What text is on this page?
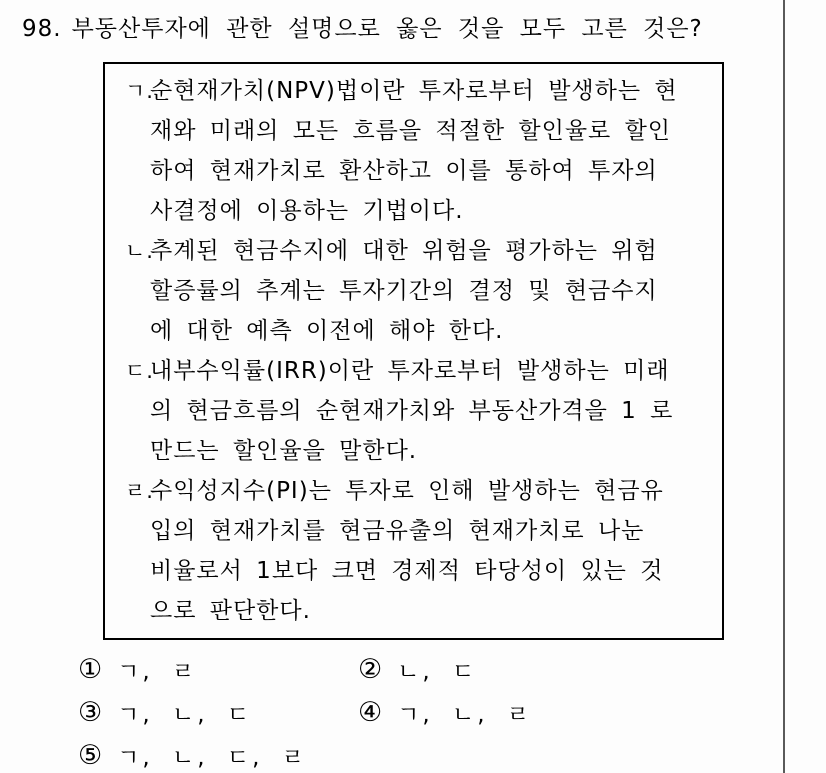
98. 부동산투자에 관한 설명으로 옳은 것을 모두 고른 것은?
ㄱ.
순현재가치(NPV)법이란 투자로부터 발생하는 현
재와 미래의 모든 흐름을 적절한 할인율로 할인
하여 현재가치로 환산하고 이를 통하여 투자의
사결정에 이용하는 기법이다.
ㄴ.
추계된 현금수지에 대한 위험을 평가하는 위험
할증률의 추계는 투자기간의 결정 및 현금수지
에 대한 예측 이전에 해야 한다.
ㄷ.
내부수익률(IRR)이란 투자로부터 발생하는 미래
의 현금흐름의 순현재가치와 부동산가격을 1 로
만드는 할인율을 말한다.
ㄹ.
수익성지수(PI)는 투자로 인해 발생하는 현금유
입의 현재가치를 현금유출의 현재가치로 나눈
비율로서 1보다 크면 경제적 타당성이 있는 것
으로 판단한다.
① ㄱ, ㄹ	② ㄴ, ㄷ
③ ㄱ, ㄴ, ㄷ	④ ㄱ, ㄴ, ㄹ
⑤ ㄱ, ㄴ, ㄷ, ㄹ
